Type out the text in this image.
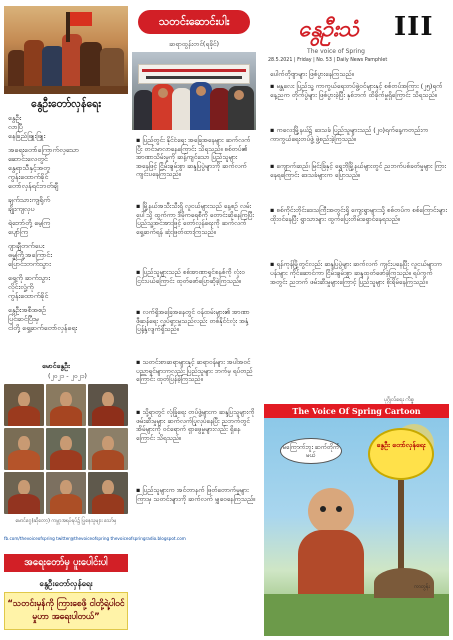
နွေဦးတော်လှန်ရေး
နွေဦး
လာပြီ
နေခြည်ဖြူးဖြူး
အရေးတော်ကြောက်လှသော
ဆောင်းလေတွင်
နွေရာသီနှင့်အတူ
ကွန်းထောက်ခိုင်
တော်လှန်ရင်ဘတ်ချီ
ချက်သားကျရိုက်
ချိုးကျလှပ
ရဲဘော်တို့ မေ့ကြ
ပျော်ကြ
ဂျာချီတက်ပေး
ဓမ္မကြို့အကြောင်း
ပြောင်းတက်သွား
ရှေ့ကို ဆက်သွား
လိုင်းလှုံ့ကို
ကွန်းထောက်ခိုင်
နွေဦးအစီအစဉ်
ပြင်ဆင်ပြီးမှ
ငါတို့ ရှေ့ဆက်တော်လှန်ရေး
မောင်နွေဦး
(၂၀၂၁ - ၂၀၂၁)
မောင်ဂွေ(ဆိုတော့) ကမ္ဘာအရပ်ရပ်၌ ပြုနေသူများ သော်မှ
fb.com/thevoiceofspring twitter@thevoiceofspring thevoiceofspringradio.blogspot.com
အရေးတော်မှ ပူးပေါင်းပါ
နွေဦးတော်လှန်ရေး
“သတင်းမှန်ကို ကြားစေဖို့ ငါတို့ရဲ့ပါဝင်မှုဟာ အရေးပါတယ်”
သတင်းဆောင်းပါး
ဆရာထွန်းတင်(ရခိုင်)
▪ ပြည်တွင်း နိုင်ငံရေး အခြေအနေများ ဆက်လက်ပြီး တင်းမာလာနေကြောင်း သိရသည်။ စစ်တပ်၏ အာဏာသိမ်းမှုကို ဆန့်ကျင်သော ပြည်သူများ အနေဖြင့် ငြိမ်းချမ်းစွာ ဆန္ဒပြပွဲများကို ဆက်လက် ကျင်းပနေကြသည်။
▪ မြို့နယ်အသီးသီးရှိ လူငယ်များသည် နေ့စဉ် လမ်းပေါ်သို့ ထွက်ကာ ဒီမိုကရေစီကို တောင်းဆိုနေကြပြီး ပြည်သူ့အင်အားဖြင့် တော်လှန်ရေးကို ဆက်လက် ရှေ့ဆက်ရန် ဆုံးဖြတ်ထားကြသည်။
▪ ပြည်သူများသည် စစ်အာဏာရှင်စနစ်ကို လုံးဝ ငြင်းပယ်ကြောင်း ထုတ်ဖော်ပြောဆိုခဲ့ကြသည်။
▪ လက်ရှိအခြေအနေတွင် ဝန်ထမ်းများ၏ အာဏာဖီဆန်ရေး လှုပ်ရှားမှုသည်လည်း တစ်နိုင်ငံလုံး အနှံ့ ပြန့်နှံ့လျက်ရှိသည်။
▪ သတင်းစာဆရာများနှင့် ဆရာဝန်များ အပါအဝင် ပညာရှင်များကလည်း ပြည်သူများ ဘက်မှ ရပ်တည်ကြောင်း ထုတ်ပြန်ခဲ့ကြသည်။
▪ သို့ရာတွင် လုံခြုံရေး တပ်ဖွဲ့များက ဆန္ဒပြသူများကို ဖမ်းဆီးမှုများ ဆက်လက်ပြုလုပ်နေပြီး ညဘက်တွင် အိမ်များကို ဝင်ရောက် ရှာဖွေမှုများလည်း ရှိနေကြောင်း သိရသည်။
▪ ပြည်သူများက အင်တာနက် ဖြတ်တောက်မှုများကြားမှ သတင်းများကို ဆက်လက် မျှဝေနေကြသည်။
နွေဦးသံ
The voice of Spring
III
28.5.2021 | Friday | No. 53 | Daily News Pamphlet
ပေါက်တိုဗျာများ ဖြစ်ပွားနေကြသည်။
▪ မန္တလေး ပြည်သူ့ ကာကွယ်ရေးတပ်ဖွဲ့ဝင်များနှင့် စစ်တပ်အကြား (၂၅)ရက်နေ့ညက တိုက်ပွဲများ ဖြစ်ပွားခဲ့ပြီး နှစ်ဘက် ထိခိုက်မှုရှိကြောင်း သိရသည်။
▪ ကလေးမြို့နယ်၌ ဒေသခံ ပြည်သူများသည် (၂၀)ရက်နေ့ကတည်းက ကာကွယ်ရေးတပ်ဖွဲ့ ဖွဲ့စည်းခဲ့ကြသည်။
▪ ကျောက်ဆည်၊ မြင်းခြံနှင့် ရွှေဘိုမြို့နယ်များတွင် ညဘက်ပစ်ခတ်မှုများ ကြားနေရကြောင်း ဒေသခံများက ပြောသည်။
▪ စစ်ကိုင်းတိုင်းဒေသကြီးအတွင်းရှိ ကျေးရွာများသို့ စစ်တပ်က စစ်ကြောင်းများ ထိုးဝင်နေပြီး ရွာသားများ ထွက်ပြေးတိမ်းရှောင်နေရသည်။
▪ ရန်ကုန်မြို့တွင်လည်း ဆန္ဒပြပွဲများ ဆက်လက် ကျင်းပနေပြီး လူငယ်များက ပန်းများ ကိုင်ဆောင်ကာ ငြိမ်းချမ်းစွာ ဆန္ဒထုတ်ဖော်ခဲ့ကြသည်။ ရပ်ကွက်အတွင်း ညဘက် ဖမ်းဆီးမှုများကြောင့် ပြည်သူများ စိုးရိမ်နေကြသည်။
ပုဂ္ဂိုလ်ရေး ကိစ္စ
The Voice Of Spring Cartoon
မကြောက်ဘူး ဆက်တိုက်မယ်
နွေဦး တော်လှန်ရေး
ကာတွန်း
